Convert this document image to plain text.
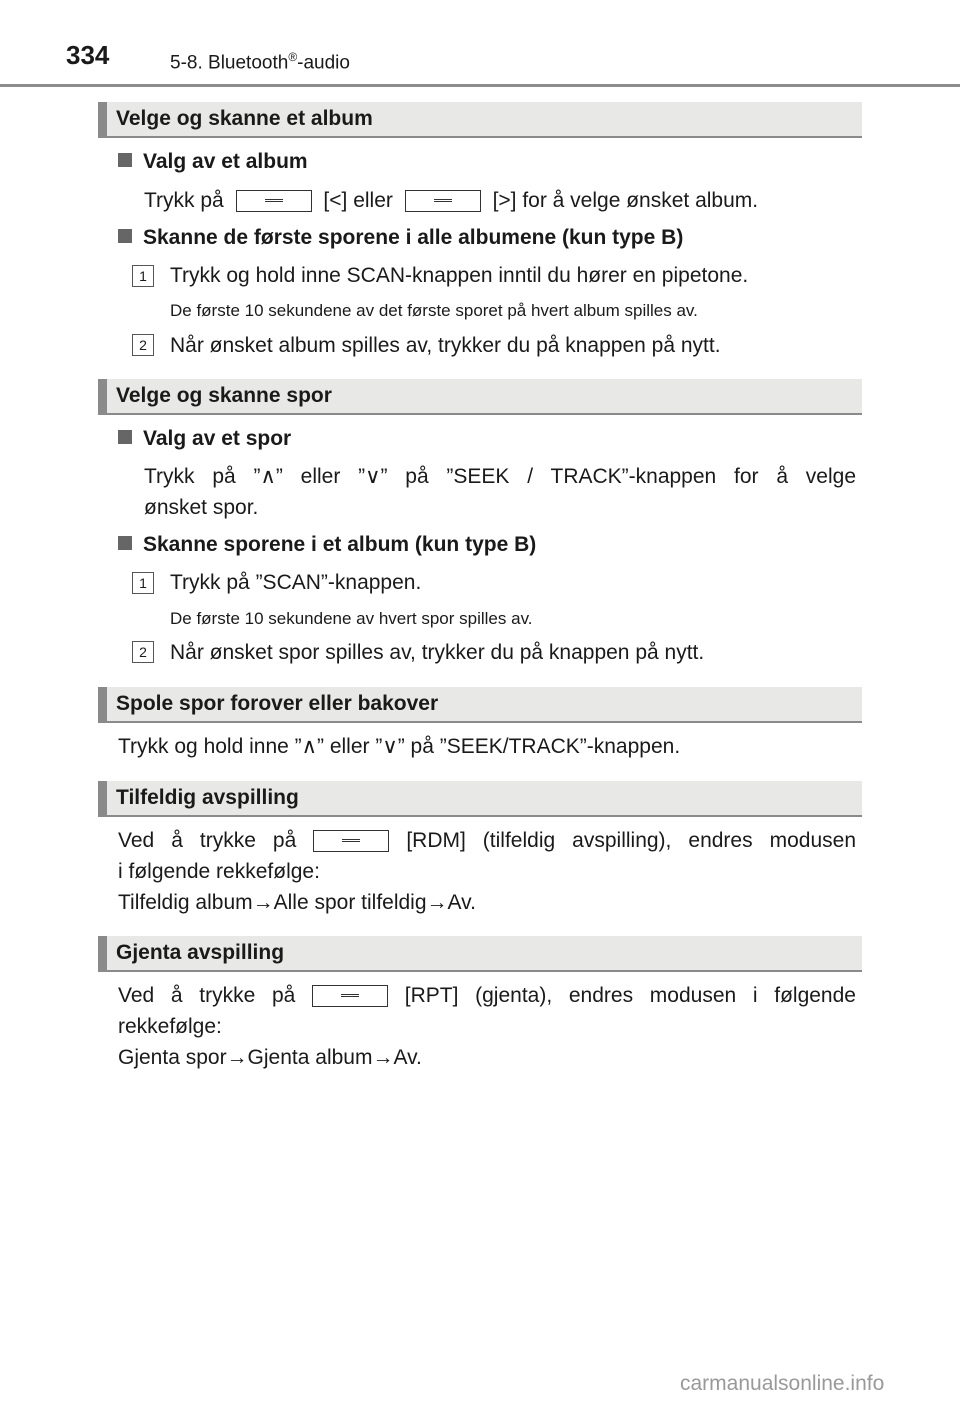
334	5-8. Bluetooth®-audio
Velge og skanne et album
Valg av et album
Trykk på	[<] eller	[>] for å velge ønsket album.
Skanne de første sporene i alle albumene (kun type B)
1	Trykk og hold inne SCAN-knappen inntil du hører en pipetone.
De første 10 sekundene av det første sporet på hvert album spilles av.
2	Når ønsket album spilles av, trykker du på knappen på nytt.
Velge og skanne spor
Valg av et spor
Trykk på ”∧” eller ”∨” på ”SEEK / TRACK”-knappen for å velge
ønsket spor.
Skanne sporene i et album (kun type B)
1	Trykk på ”SCAN”-knappen.
De første 10 sekundene av hvert spor spilles av.
2	Når ønsket spor spilles av, trykker du på knappen på nytt.
Spole spor forover eller bakover
Trykk og hold inne ”∧” eller ”∨” på ”SEEK/TRACK”-knappen.
Tilfeldig avspilling
Ved å trykke på	[RDM] (tilfeldig avspilling), endres modusen
i følgende rekkefølge:
Tilfeldig album→Alle spor tilfeldig→Av.
Gjenta avspilling
Ved å trykke på	[RPT] (gjenta), endres modusen i følgende
rekkefølge:
Gjenta spor→Gjenta album→Av.
carmanualsonline.info
